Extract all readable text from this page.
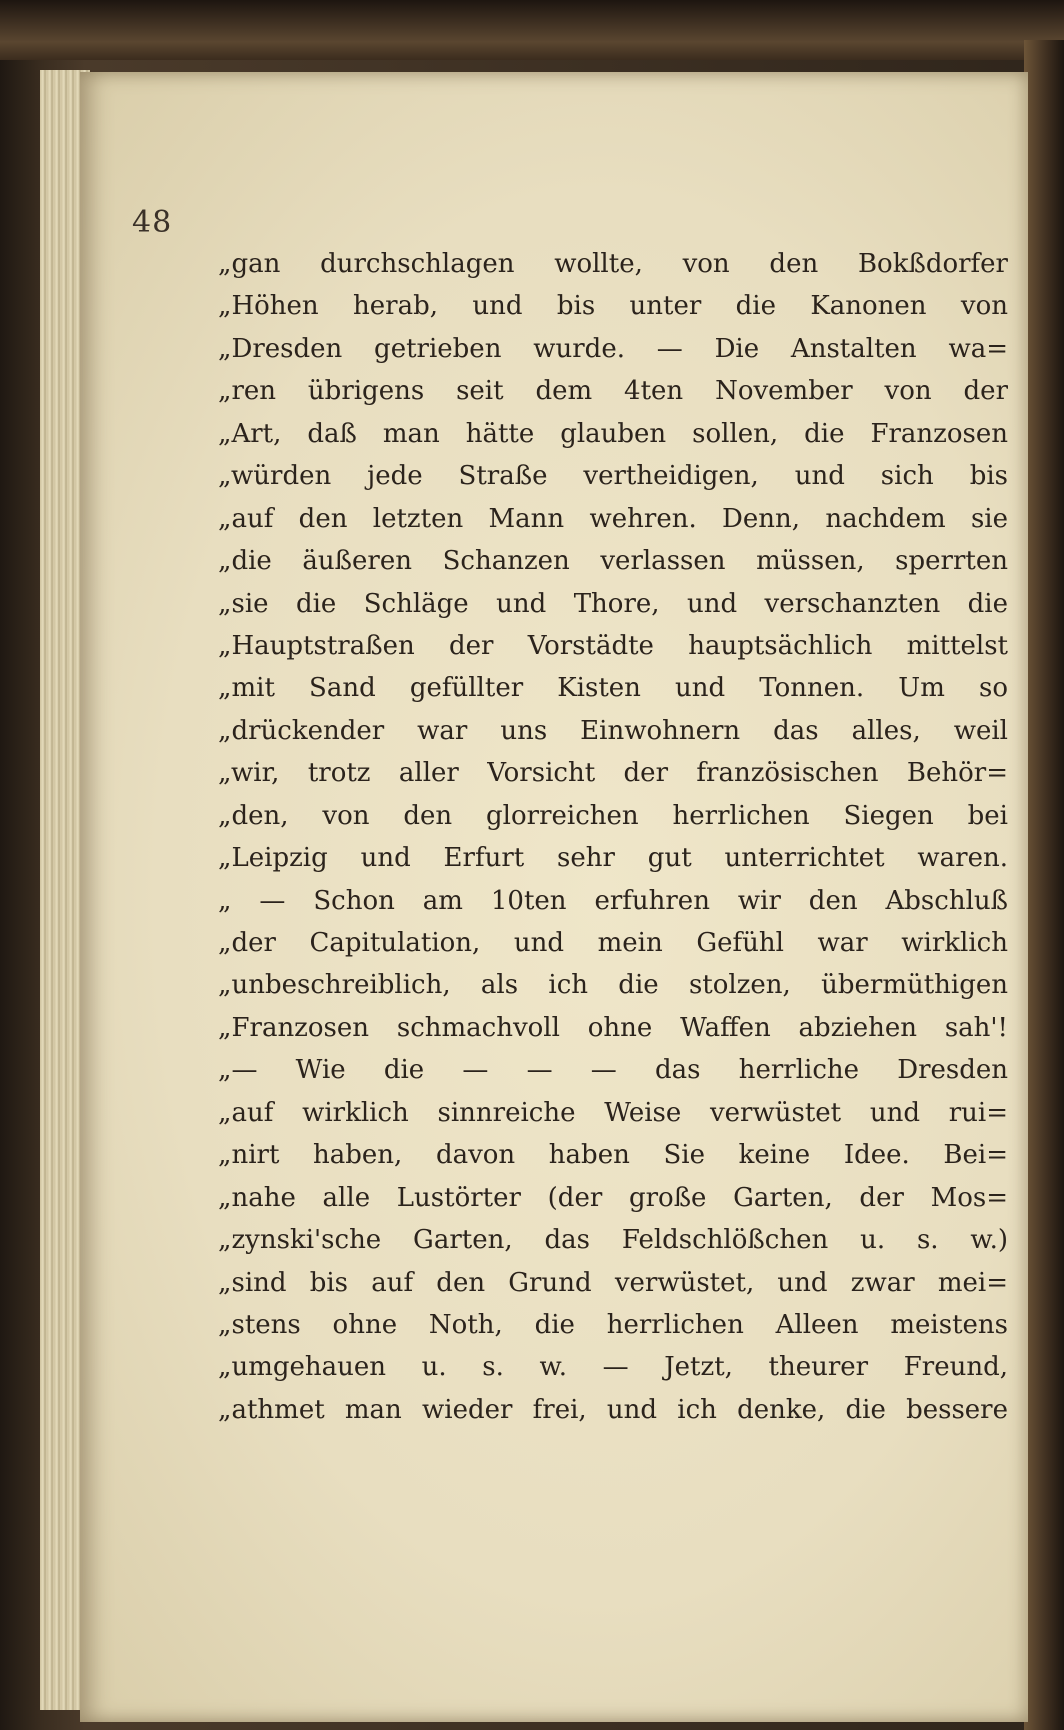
48
„gan durchschlagen wollte, von den Bokßdorfer
„Höhen herab, und bis unter die Kanonen von
„Dresden getrieben wurde. — Die Anstalten wa=
„ren übrigens seit dem 4ten November von der
„Art, daß man hätte glauben sollen, die Franzosen
„würden jede Straße vertheidigen, und sich bis
„auf den letzten Mann wehren. Denn, nachdem sie
„die äußeren Schanzen verlassen müssen, sperrten
„sie die Schläge und Thore, und verschanzten die
„Hauptstraßen der Vorstädte hauptsächlich mittelst
„mit Sand gefüllter Kisten und Tonnen. Um so
„drückender war uns Einwohnern das alles, weil
„wir, trotz aller Vorsicht der französischen Behör=
„den, von den glorreichen herrlichen Siegen bei
„Leipzig und Erfurt sehr gut unterrichtet waren.
„ — Schon am 10ten erfuhren wir den Abschluß
„der Capitulation, und mein Gefühl war wirklich
„unbeschreiblich, als ich die stolzen, übermüthigen
„Franzosen schmachvoll ohne Waffen abziehen sah'!
„— Wie die — — — das herrliche Dresden
„auf wirklich sinnreiche Weise verwüstet und rui=
„nirt haben, davon haben Sie keine Idee. Bei=
„nahe alle Lustörter (der große Garten, der Mos=
„zynski'sche Garten, das Feldschlößchen u. s. w.)
„sind bis auf den Grund verwüstet, und zwar mei=
„stens ohne Noth, die herrlichen Alleen meistens
„umgehauen u. s. w. — Jetzt, theurer Freund,
„athmet man wieder frei, und ich denke, die bessere
